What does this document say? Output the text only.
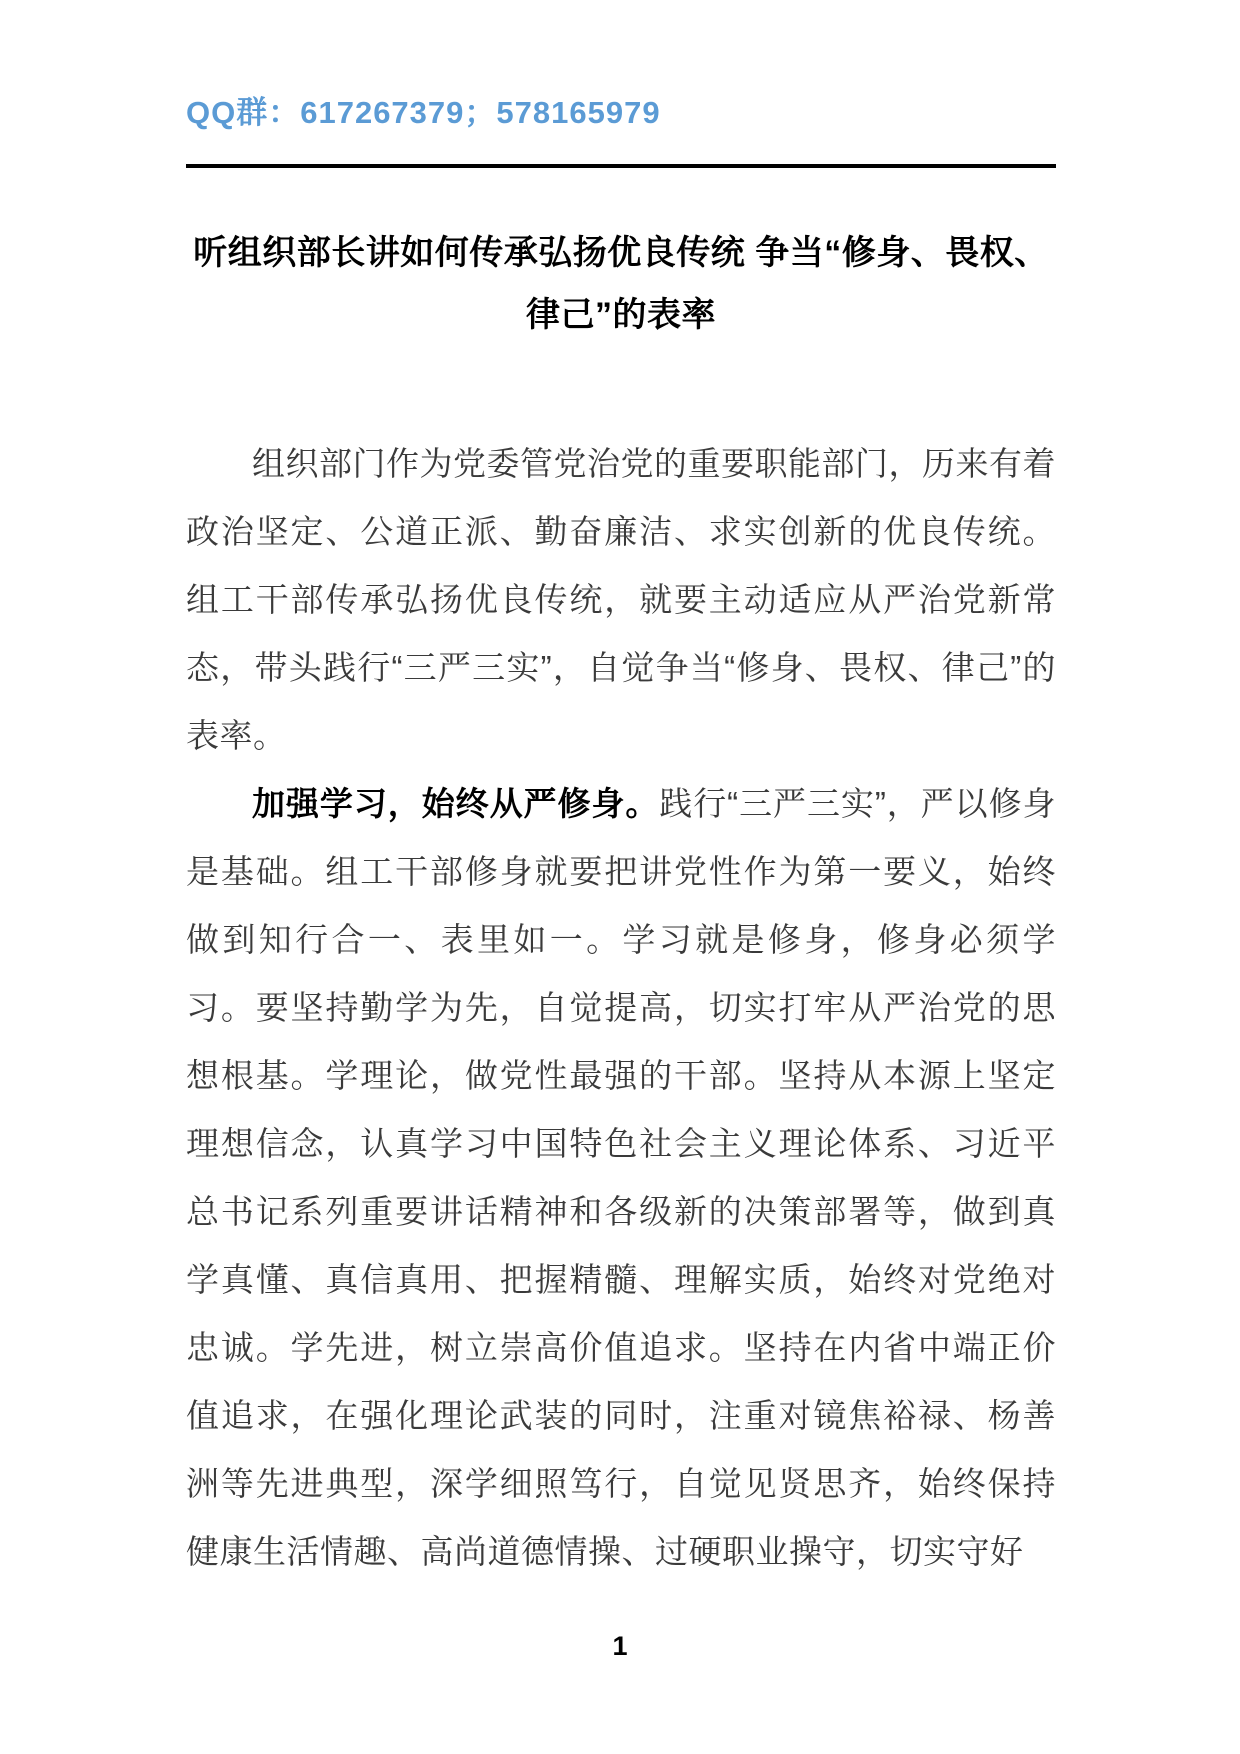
QQ群：617267379；578165979
听组织部长讲如何传承弘扬优良传统 争当“修身、畏权、律己”的表率

组织部门作为党委管党治党的重要职能部门，历来有着政治坚定、公道正派、勤奋廉洁、求实创新的优良传统。组工干部传承弘扬优良传统，就要主动适应从严治党新常态，带头践行“三严三实”，自觉争当“修身、畏权、律己”的表率。

加强学习，始终从严修身。践行“三严三实”，严以修身是基础。组工干部修身就要把讲党性作为第一要义，始终做到知行合一、表里如一。学习就是修身，修身必须学习。要坚持勤学为先，自觉提高，切实打牢从严治党的思想根基。学理论，做党性最强的干部。坚持从本源上坚定理想信念，认真学习中国特色社会主义理论体系、习近平总书记系列重要讲话精神和各级新的决策部署等，做到真学真懂、真信真用、把握精髓、理解实质，始终对党绝对忠诚。学先进，树立崇高价值追求。坚持在内省中端正价值追求，在强化理论武装的同时，注重对镜焦裕禄、杨善洲等先进典型，深学细照笃行，自觉见贤思齐，始终保持健康生活情趣、高尚道德情操、过硬职业操守，切实守好

1
